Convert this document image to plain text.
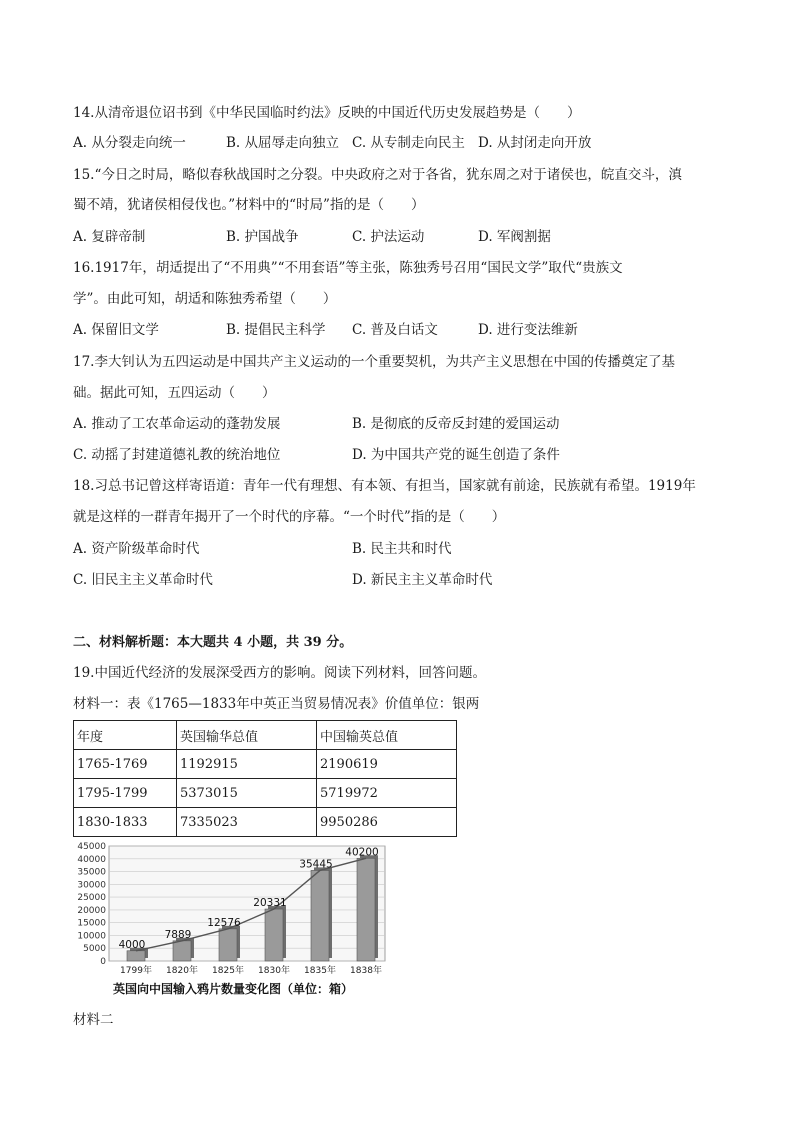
14.从清帝退位诏书到《中华民国临时约法》反映的中国近代历史发展趋势是（　　）
A. 从分裂走向统一	B. 从屈辱走向独立 C. 从专制走向民主 D. 从封闭走向开放
15.“今日之时局，略似春秋战国时之分裂。中央政府之对于各省，犹东周之对于诸侯也，皖直交斗，滇
蜀不靖，犹诸侯相侵伐也。”材料中的“时局”指的是（　　）
A. 复辟帝制	B. 护国战争	C. 护法运动	D. 军阀割据
16.1917年，胡适提出了“不用典”“不用套语”等主张，陈独秀号召用“国民文学”取代“贵族文
学”。由此可知，胡适和陈独秀希望（　　）
A. 保留旧文学	B. 提倡民主科学 C. 普及白话文	D. 进行变法维新
17.李大钊认为五四运动是中国共产主义运动的一个重要契机，为共产主义思想在中国的传播奠定了基
础。据此可知，五四运动（　　）
A. 推动了工农革命运动的蓬勃发展	B. 是彻底的反帝反封建的爱国运动
C. 动摇了封建道德礼教的统治地位	D. 为中国共产党的诞生创造了条件
18.习总书记曾这样寄语道：青年一代有理想、有本领、有担当，国家就有前途，民族就有希望。1919年
就是这样的一群青年揭开了一个时代的序幕。“一个时代”指的是（　　）
A. 资产阶级革命时代	B. 民主共和时代
C. 旧民主主义革命时代	D. 新民主主义革命时代
二、材料解析题：本大题共 4 小题，共 39 分。
19.中国近代经济的发展深受西方的影响。阅读下列材料，回答问题。
材料一：表《1765—1833年中英正当贸易情况表》价值单位：银两
年度	英国输华总值	中国输英总值
1765-1769	1192915	2190619
1795-1799	5373015	5719972
1830-1833	7335023	9950286
0
5000
10000
15000
20000
25000
30000
35000
40000
45000
1799年 1820年 1825年 1830年 1835年 1838年
4000
7889
12576
20331
35445
40200
英国向中国输入鸦片数量变化图（单位：箱）
材料二
